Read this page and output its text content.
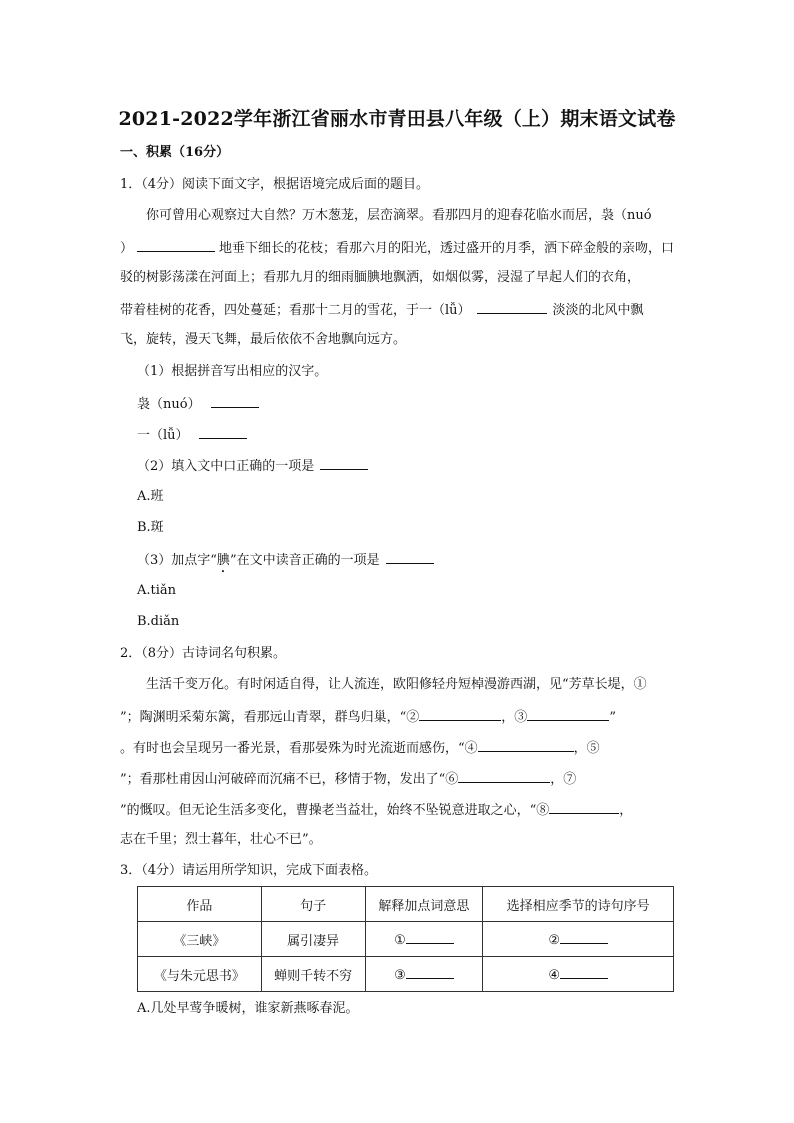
2021-2022学年浙江省丽水市青田县八年级（上）期末语文试卷
一、积累（16分）
1．（4分）阅读下面文字，根据语境完成后面的题目。
你可曾用心观察过大自然？万木葱茏，层峦滴翠。看那四月的迎春花临水而居，袅（nuó
）	地垂下细长的花枝；看那六月的阳光，透过盛开的月季，洒下碎金般的亲吻，口
驳的树影荡漾在河面上；看那九月的细雨腼腆地飘洒，如烟似雾，浸湿了早起人们的衣角，
带着桂树的花香，四处蔓延；看那十二月的雪花，于一（lǚ）	淡淡的北风中飘
飞，旋转，漫天飞舞，最后依依不舍地飘向远方。
（1）根据拼音写出相应的汉字。
袅（nuó）
一（lǚ）
（2）填入文中口正确的一项是
A.班
B.斑
（3）加点字“腆”在文中读音正确的一项是
A.tiǎn
B.diǎn
2．（8分）古诗词名句积累。
生活千变万化。有时闲适自得，让人流连，欧阳修轻舟短棹漫游西湖，见“芳草长堤，①
”；陶渊明采菊东篱，看那远山青翠，群鸟归巢，“②	，③	”
。有时也会呈现另一番光景，看那晏殊为时光流逝而感伤，“④	，⑤
”；看那杜甫因山河破碎而沉痛不已，移情于物，发出了“⑥	，⑦
”的慨叹。但无论生活多变化，曹操老当益壮，始终不坠锐意进取之心，“⑧	，
志在千里；烈士暮年，壮心不已”。
3．（4分）请运用所学知识，完成下面表格。
作品	句子	解释加点词意思	选择相应季节的诗句序号
《三峡》	属引凄异	①	②
《与朱元思书》	蝉则千转不穷	③	④
A.几处早莺争暖树，谁家新燕啄春泥。
